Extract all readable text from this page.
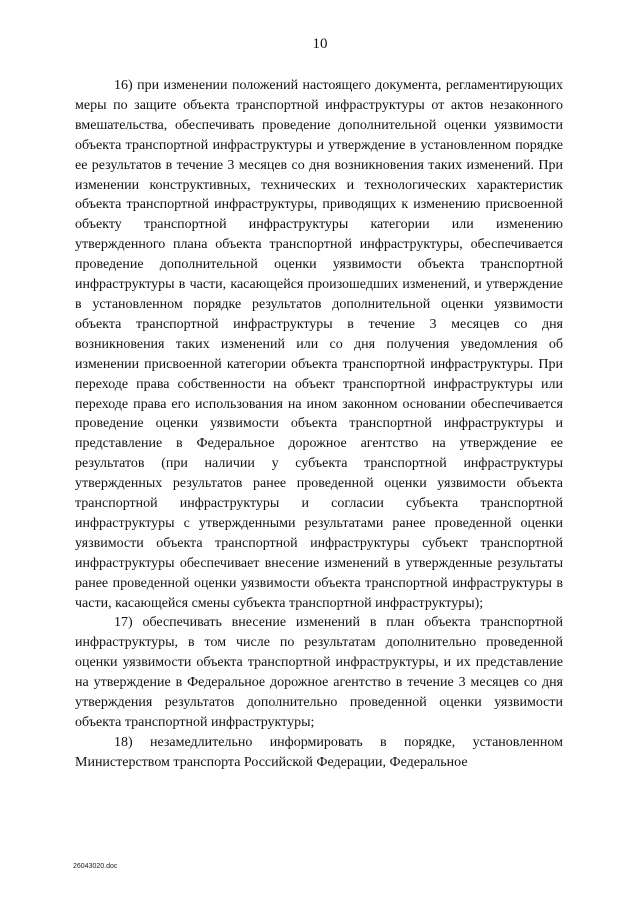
10

16) при изменении положений настоящего документа, регламентирующих меры по защите объекта транспортной инфраструктуры от актов незаконного вмешательства, обеспечивать проведение дополнительной оценки уязвимости объекта транспортной инфраструктуры и утверждение в установленном порядке ее результатов в течение 3 месяцев со дня возникновения таких изменений. При изменении конструктивных, технических и технологических характеристик объекта транспортной инфраструктуры, приводящих к изменению присвоенной объекту транспортной инфраструктуры категории или изменению утвержденного плана объекта транспортной инфраструктуры, обеспечивается проведение дополнительной оценки уязвимости объекта транспортной инфраструктуры в части, касающейся произошедших изменений, и утверждение в установленном порядке результатов дополнительной оценки уязвимости объекта транспортной инфраструктуры в течение 3 месяцев со дня возникновения таких изменений или со дня получения уведомления об изменении присвоенной категории объекта транспортной инфраструктуры. При переходе права собственности на объект транспортной инфраструктуры или переходе права его использования на ином законном основании обеспечивается проведение оценки уязвимости объекта транспортной инфраструктуры и представление в Федеральное дорожное агентство на утверждение ее результатов (при наличии у субъекта транспортной инфраструктуры утвержденных результатов ранее проведенной оценки уязвимости объекта транспортной инфраструктуры и согласии субъекта транспортной инфраструктуры с утвержденными результатами ранее проведенной оценки уязвимости объекта транспортной инфраструктуры субъект транспортной инфраструктуры обеспечивает внесение изменений в утвержденные результаты ранее проведенной оценки уязвимости объекта транспортной инфраструктуры в части, касающейся смены субъекта транспортной инфраструктуры);

17) обеспечивать внесение изменений в план объекта транспортной инфраструктуры, в том числе по результатам дополнительно проведенной оценки уязвимости объекта транспортной инфраструктуры, и их представление на утверждение в Федеральное дорожное агентство в течение 3 месяцев со дня утверждения результатов дополнительно проведенной оценки уязвимости объекта транспортной инфраструктуры;

18) незамедлительно информировать в порядке, установленном Министерством транспорта Российской Федерации, Федеральное

26043020.doc
